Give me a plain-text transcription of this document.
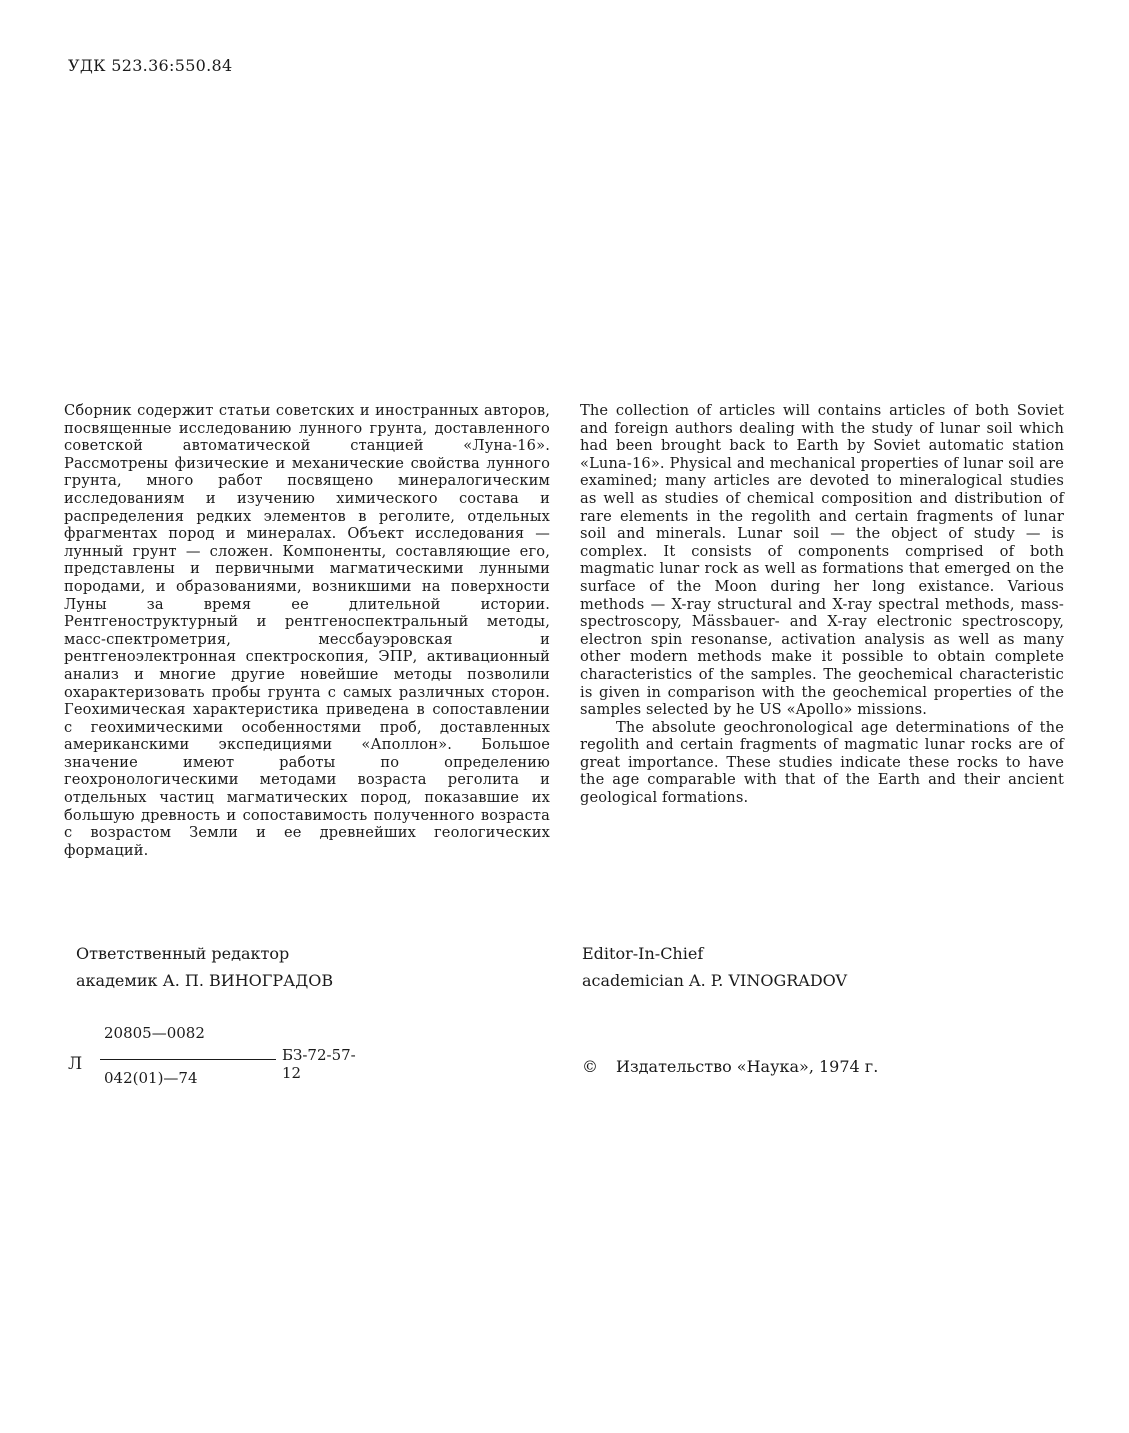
УДК 523.36:550.84

Сборник содержит статьи советских и иностранных авторов, посвященные исследованию лунного грунта, доставленного советской автоматической станцией «Луна-16». Рассмотрены физические и механические свойства лунного грунта, много работ посвящено минералогическим исследованиям и изучению химического состава и распределения редких элементов в реголите, отдельных фрагментах пород и минералах. Объект исследования — лунный грунт — сложен. Компоненты, составляющие его, представлены и первичными магматическими лунными породами, и образованиями, возникшими на поверхности Луны за время ее длительной истории. Рентгеноструктурный и рентгеноспектральный методы, масс-спектрометрия, мессбауэровская и рентгеноэлектронная спектроскопия, ЭПР, активационный анализ и многие другие новейшие методы позволили охарактеризовать пробы грунта с самых различных сторон. Геохимическая характеристика приведена в сопоставлении с геохимическими особенностями проб, доставленных американскими экспедициями «Аполлон». Большое значение имеют работы по определению геохронологическими методами возраста реголита и отдельных частиц магматических пород, показавшие их большую древность и сопоставимость полученного возраста с возрастом Земли и ее древнейших геологических формаций.

The collection of articles will contains articles of both Soviet and foreign authors dealing with the study of lunar soil which had been brought back to Earth by Soviet automatic station «Luna-16». Physical and mechanical properties of lunar soil are examined; many articles are devoted to mineralogical studies as well as studies of chemical composition and distribution of rare elements in the regolith and certain fragments of lunar soil and minerals. Lunar soil — the object of study — is complex. It consists of components comprised of both magmatic lunar rock as well as formations that emerged on the surface of the Moon during her long existance. Various methods — X-ray structural and X-ray spectral methods, mass-spectroscopy, Mässbauer- and X-ray electronic spectroscopy, electron spin resonanse, activation analysis as well as many other modern methods make it possible to obtain complete characteristics of the samples. The geochemical characteristic is given in comparison with the geochemical properties of the samples selected by he US «Apollo» missions.

The absolute geochronological age determinations of the regolith and certain fragments of magmatic lunar rocks are of great importance. These studies indicate these rocks to have the age comparable with that of the Earth and their ancient geological formations.

Ответственный редактор
академик А. П. ВИНОГРАДОВ
Editor-In-Chief
academician A. P. VINOGRADOV
Л
20805—0082
042(01)—74
БЗ-72-57-12	© Издательство «Наука», 1974 г.
